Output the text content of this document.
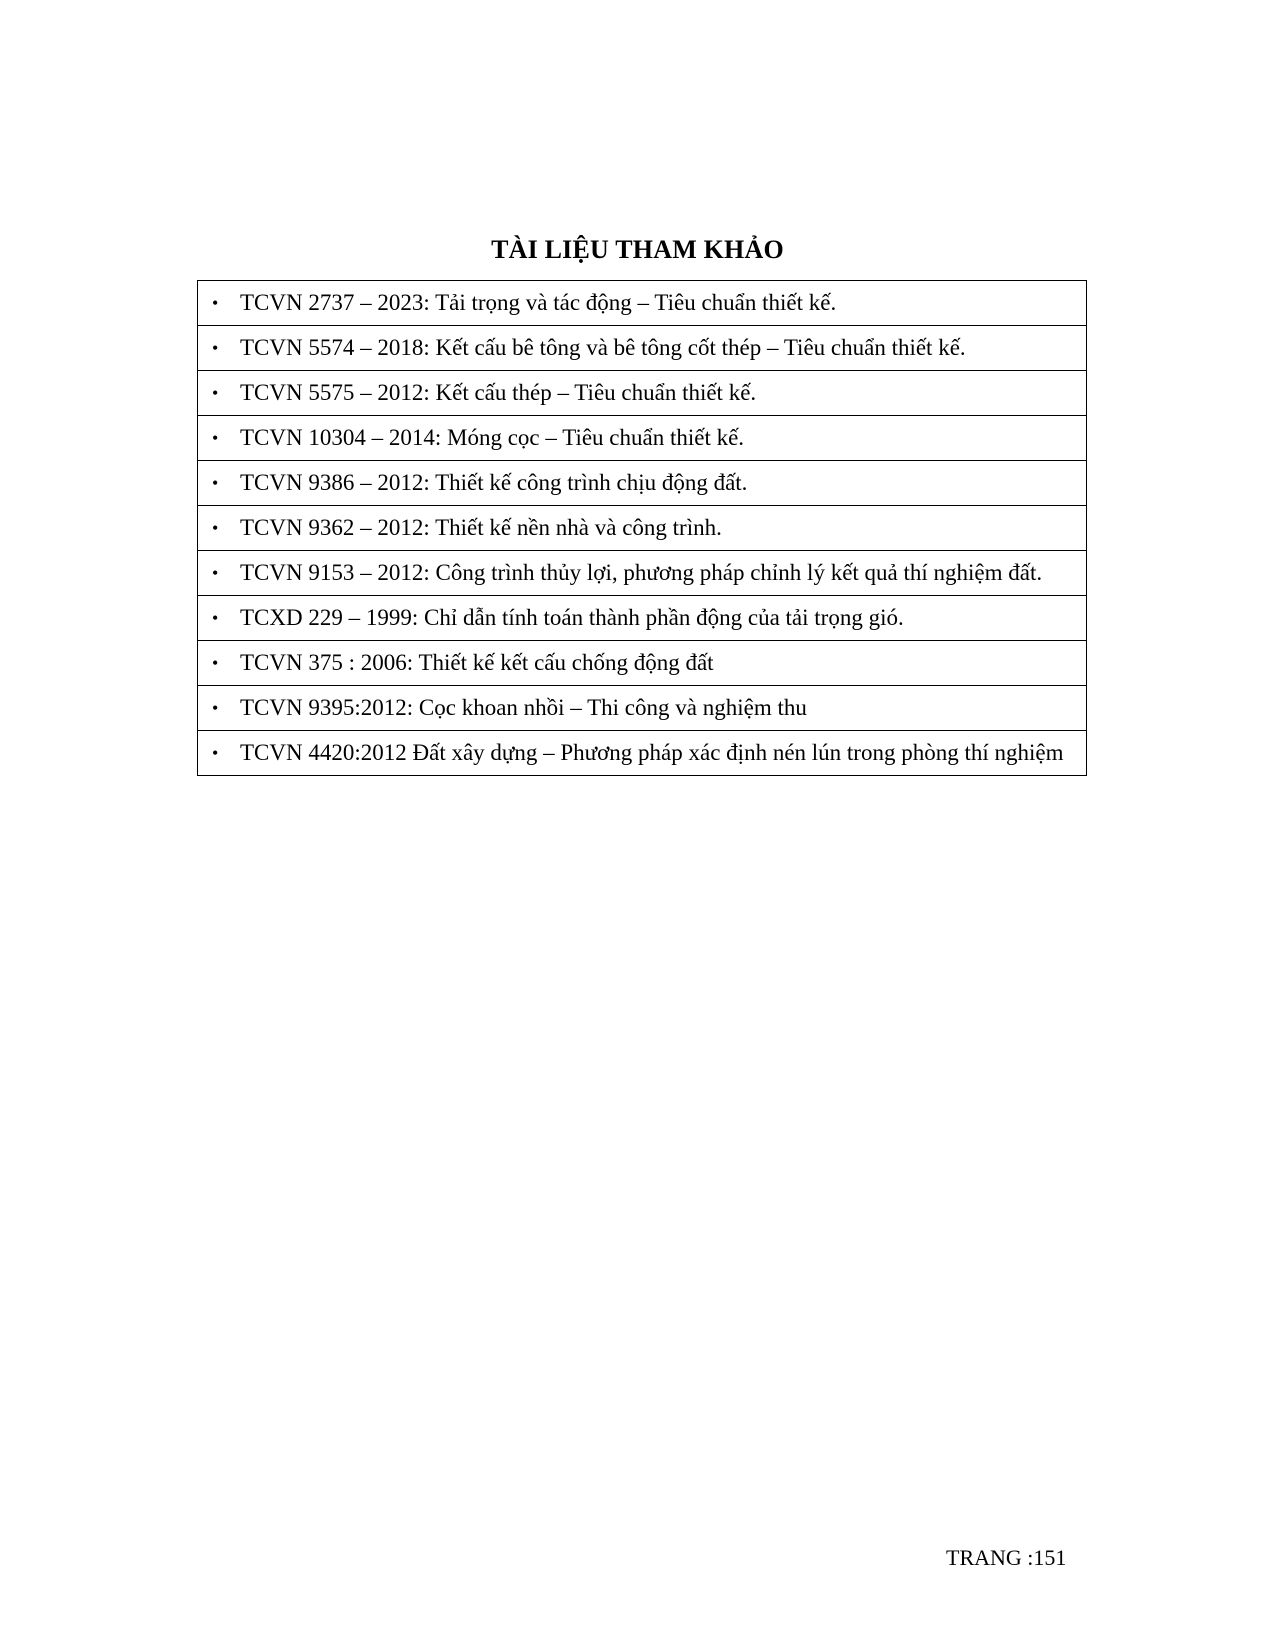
TÀI LIỆU THAM KHẢO
• TCVN 2737 – 2023: Tải trọng và tác động – Tiêu chuẩn thiết kế.

• TCVN 5574 – 2018: Kết cấu bê tông và bê tông cốt thép – Tiêu chuẩn thiết kế.

• TCVN 5575 – 2012: Kết cấu thép – Tiêu chuẩn thiết kế.

• TCVN 10304 – 2014: Móng cọc – Tiêu chuẩn thiết kế.

• TCVN 9386 – 2012: Thiết kế công trình chịu động đất.

• TCVN 9362 – 2012: Thiết kế nền nhà và công trình.

• TCVN 9153 – 2012: Công trình thủy lợi, phương pháp chỉnh lý kết quả thí nghiệm đất.

• TCXD 229 – 1999: Chỉ dẫn tính toán thành phần động của tải trọng gió.

• TCVN 375 : 2006: Thiết kế kết cấu chống động đất

• TCVN 9395:2012: Cọc khoan nhồi – Thi công và nghiệm thu

• TCVN 4420:2012 Đất xây dựng – Phương pháp xác định nén lún trong phòng thí nghiệm
TRANG :151
